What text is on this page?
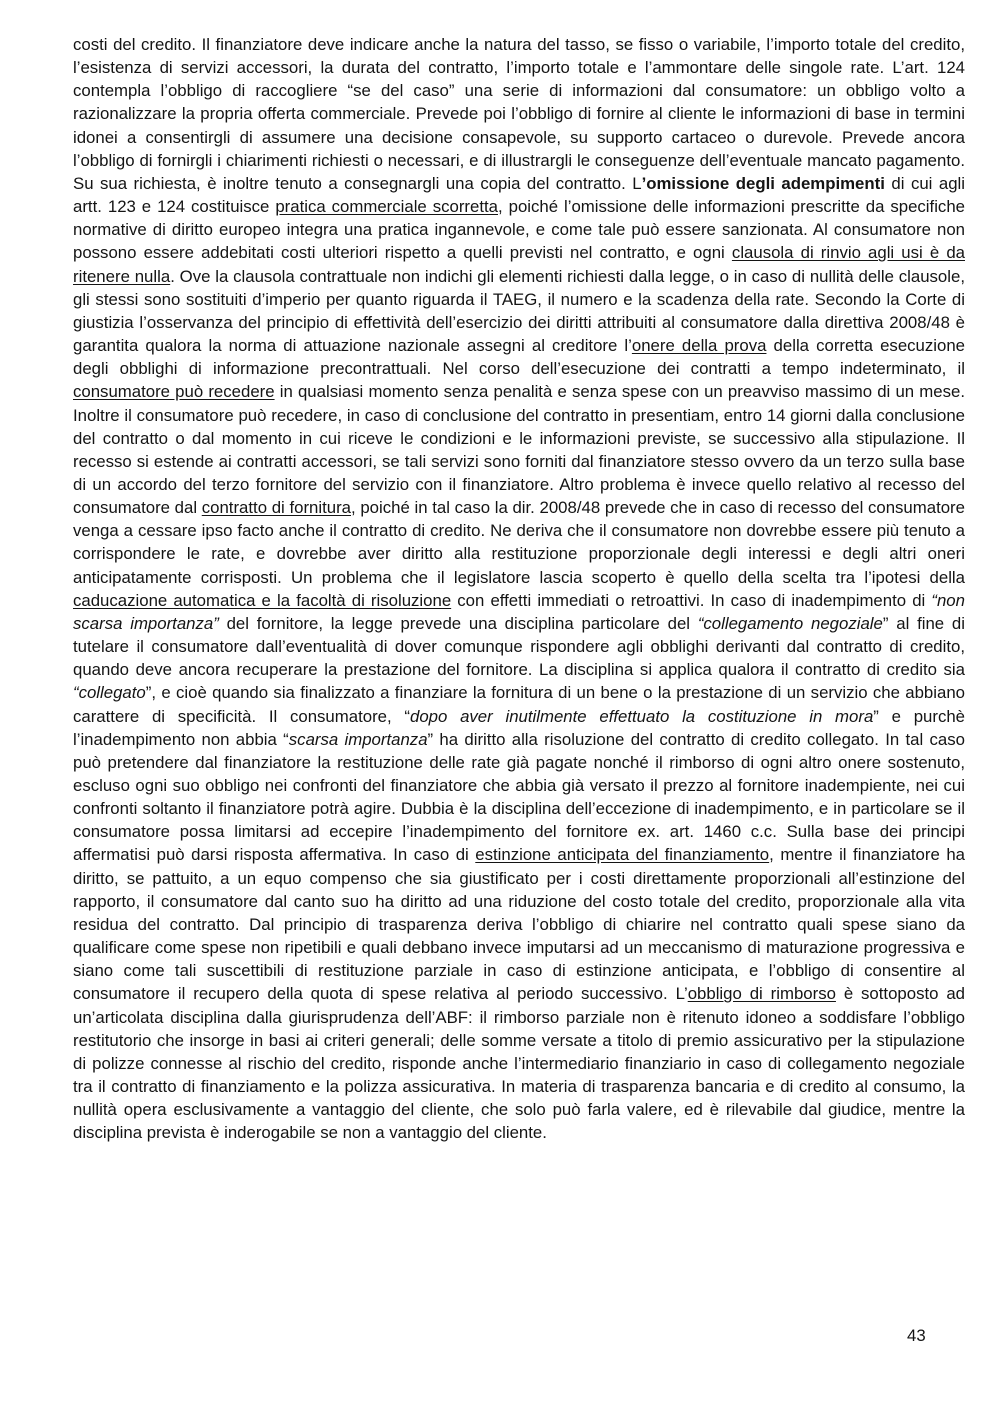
costi del credito. Il finanziatore deve indicare anche la natura del tasso, se fisso o variabile, l’importo totale del credito, l’esistenza di servizi accessori, la durata del contratto, l’importo totale e l’ammontare delle singole rate. L’art. 124 contempla l’obbligo di raccogliere “se del caso” una serie di informazioni dal consumatore: un obbligo volto a razionalizzare la propria offerta commerciale. Prevede poi l’obbligo di fornire al cliente le informazioni di base in termini idonei a consentirgli di assumere una decisione consapevole, su supporto cartaceo o durevole. Prevede ancora l’obbligo di fornirgli i chiarimenti richiesti o necessari, e di illustrargli le conseguenze dell’eventuale mancato pagamento. Su sua richiesta, è inoltre tenuto a consegnargli una copia del contratto. L’omissione degli adempimenti di cui agli artt. 123 e 124 costituisce pratica commerciale scorretta, poiché l’omissione delle informazioni prescritte da specifiche normative di diritto europeo integra una pratica ingannevole, e come tale può essere sanzionata. Al consumatore non possono essere addebitati costi ulteriori rispetto a quelli previsti nel contratto, e ogni clausola di rinvio agli usi è da ritenere nulla. Ove la clausola contrattuale non indichi gli elementi richiesti dalla legge, o in caso di nullità delle clausole, gli stessi sono sostituiti d’imperio per quanto riguarda il TAEG, il numero e la scadenza della rate. Secondo la Corte di giustizia l’osservanza del principio di effettività dell’esercizio dei diritti attribuiti al consumatore dalla direttiva 2008/48 è garantita qualora la norma di attuazione nazionale assegni al creditore l’onere della prova della corretta esecuzione degli obblighi di informazione precontrattuali. Nel corso dell’esecuzione dei contratti a tempo indeterminato, il consumatore può recedere in qualsiasi momento senza penalità e senza spese con un preavviso massimo di un mese. Inoltre il consumatore può recedere, in caso di conclusione del contratto in presentiam, entro 14 giorni dalla conclusione del contratto o dal momento in cui riceve le condizioni e le informazioni previste, se successivo alla stipulazione. Il recesso si estende ai contratti accessori, se tali servizi sono forniti dal finanziatore stesso ovvero da un terzo sulla base di un accordo del terzo fornitore del servizio con il finanziatore. Altro problema è invece quello relativo al recesso del consumatore dal contratto di fornitura, poiché in tal caso la dir. 2008/48 prevede che in caso di recesso del consumatore venga a cessare ipso facto anche il contratto di credito. Ne deriva che il consumatore non dovrebbe essere più tenuto a corrispondere le rate, e dovrebbe aver diritto alla restituzione proporzionale degli interessi e degli altri oneri anticipatamente corrisposti. Un problema che il legislatore lascia scoperto è quello della scelta tra l’ipotesi della caducazione automatica e la facoltà di risoluzione con effetti immediati o retroattivi. In caso di inadempimento di “non scarsa importanza” del fornitore, la legge prevede una disciplina particolare del “collegamento negoziale” al fine di tutelare il consumatore dall’eventualità di dover comunque rispondere agli obblighi derivanti dal contratto di credito, quando deve ancora recuperare la prestazione del fornitore. La disciplina si applica qualora il contratto di credito sia “collegato”, e cioè quando sia finalizzato a finanziare la fornitura di un bene o la prestazione di un servizio che abbiano carattere di specificità. Il consumatore, “dopo aver inutilmente effettuato la costituzione in mora” e purchè l’inadempimento non abbia “scarsa importanza” ha diritto alla risoluzione del contratto di credito collegato. In tal caso può pretendere dal finanziatore la restituzione delle rate già pagate nonché il rimborso di ogni altro onere sostenuto, escluso ogni suo obbligo nei confronti del finanziatore che abbia già versato il prezzo al fornitore inadempiente, nei cui confronti soltanto il finanziatore potrà agire. Dubbia è la disciplina dell’eccezione di inadempimento, e in particolare se il consumatore possa limitarsi ad eccepire l’inadempimento del fornitore ex. art. 1460 c.c. Sulla base dei principi affermatisi può darsi risposta affermativa. In caso di estinzione anticipata del finanziamento, mentre il finanziatore ha diritto, se pattuito, a un equo compenso che sia giustificato per i costi direttamente proporzionali all’estinzione del rapporto, il consumatore dal canto suo ha diritto ad una riduzione del costo totale del credito, proporzionale alla vita residua del contratto. Dal principio di trasparenza deriva l’obbligo di chiarire nel contratto quali spese siano da qualificare come spese non ripetibili e quali debbano invece imputarsi ad un meccanismo di maturazione progressiva e siano come tali suscettibili di restituzione parziale in caso di estinzione anticipata, e l’obbligo di consentire al consumatore il recupero della quota di spese relativa al periodo successivo. L’obbligo di rimborso è sottoposto ad un’articolata disciplina dalla giurisprudenza dell’ABF: il rimborso parziale non è ritenuto idoneo a soddisfare l’obbligo restitutorio che insorge in basi ai criteri generali; delle somme versate a titolo di premio assicurativo per la stipulazione di polizze connesse al rischio del credito, risponde anche l’intermediario finanziario in caso di collegamento negoziale tra il contratto di finanziamento e la polizza assicurativa. In materia di trasparenza bancaria e di credito al consumo, la nullità opera esclusivamente a vantaggio del cliente, che solo può farla valere, ed è rilevabile dal giudice, mentre la disciplina prevista è inderogabile se non a vantaggio del cliente.

43
